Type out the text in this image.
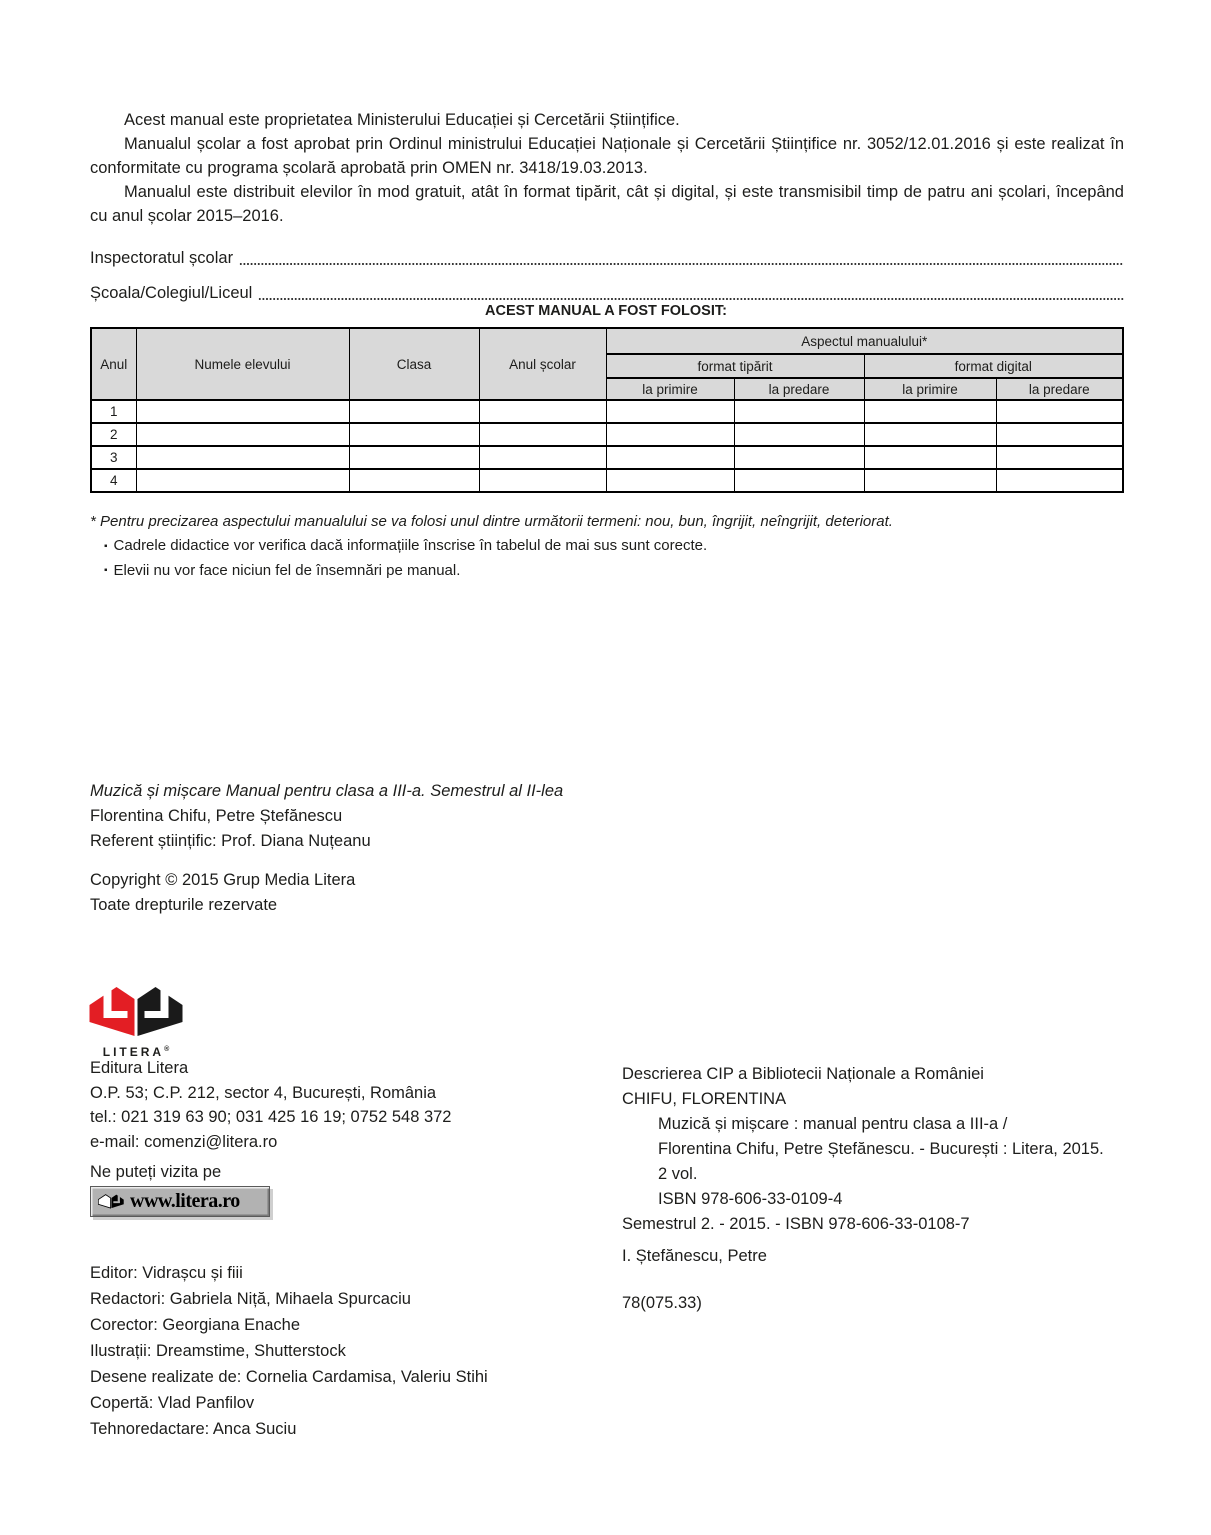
Acest manual este proprietatea Ministerului Educației și Cercetării Științifice.

Manualul școlar a fost aprobat prin Ordinul ministrului Educației Naționale și Cercetării Științifice nr. 3052/12.01.2016 și este realizat în conformitate cu programa școlară aprobată prin OMEN nr. 3418/19.03.2013.

Manualul este distribuit elevilor în mod gratuit, atât în format tipărit, cât și digital, și este transmisibil timp de patru ani școlari, începând cu anul școlar 2015–2016.

Inspectoratul școlar
Școala/Colegiul/Liceul
ACEST MANUAL A FOST FOLOSIT:
Anul	Numele elevului	Clasa	Anul școlar	Aspectul manualului*			
				format tipărit		format digital	
				la primire	la predare	la primire	la predare
1							
2							
3							
4							
* Pentru precizarea aspectului manualului se va folosi unul dintre următorii termeni: nou, bun, îngrijit, neîngrijit, deteriorat.
▪ Cadrele didactice vor verifica dacă informațiile înscrise în tabelul de mai sus sunt corecte.
▪ Elevii nu vor face niciun fel de însemnări pe manual.
Muzică și mișcare Manual pentru clasa a III-a. Semestrul al II-lea
Florentina Chifu, Petre Ștefănescu
Referent științific: Prof. Diana Nuțeanu
Copyright © 2015 Grup Media Litera
Toate drepturile rezervate
LITERA®
Editura Litera
O.P. 53; C.P. 212, sector 4, București, România
tel.: 021 319 63 90; 031 425 16 19; 0752 548 372
e-mail: comenzi@litera.ro
Ne puteți vizita pe
www.litera.ro
Editor: Vidrașcu și fiii
Redactori: Gabriela Niță, Mihaela Spurcaciu
Corector: Georgiana Enache
Ilustrații: Dreamstime, Shutterstock
Desene realizate de: Cornelia Cardamisa, Valeriu Stihi
Copertă: Vlad Panfilov
Tehnoredactare: Anca Suciu
Descrierea CIP a Bibliotecii Naționale a României
CHIFU, FLORENTINA
Muzică și mișcare : manual pentru clasa a III-a /
Florentina Chifu, Petre Ștefănescu. - București : Litera, 2015.
2 vol.
ISBN 978-606-33-0109-4
Semestrul 2. - 2015. - ISBN 978-606-33-0108-7
I. Ștefănescu, Petre
78(075.33)
